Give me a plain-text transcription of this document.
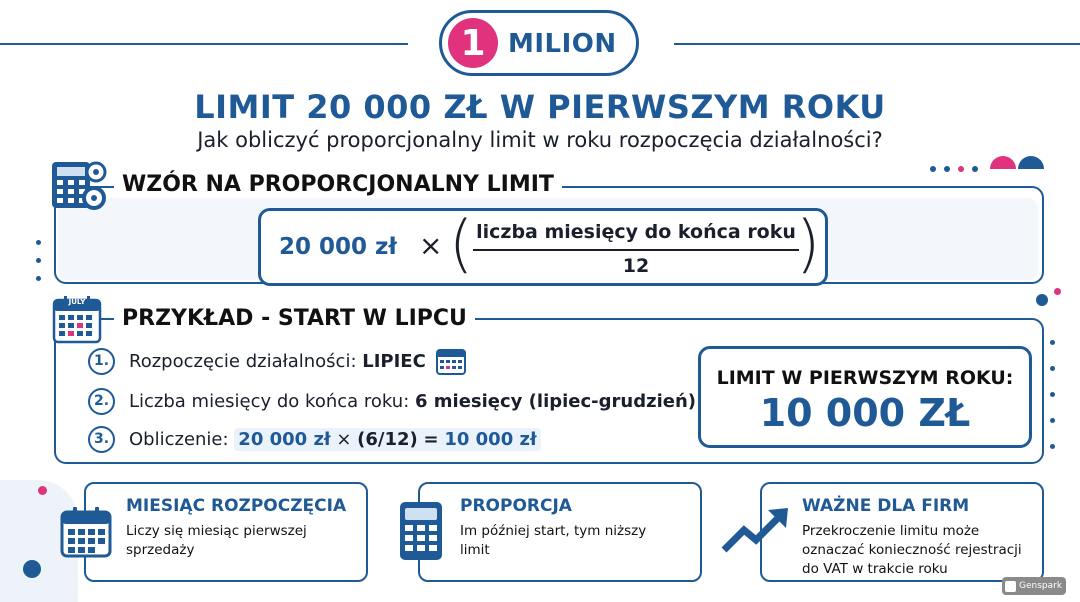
1 MILION
LIMIT 20 000 ZŁ W PIERWSZYM ROKU
Jak obliczyć proporcjonalny limit w roku rozpoczęcia działalności?
WZÓR NA PROPORCJONALNY LIMIT
20 000 zł × ( liczba miesięcy do końca roku
12	)
JULY
PRZYKŁAD - START W LIPCU
1.	Rozpoczęcie działalności: LIPIEC
2.	Liczba miesięcy do końca roku: 6 miesięcy (lipiec-grudzień)
3.	Obliczenie: 20 000 zł × (6/12) = 10 000 zł
LIMIT W PIERWSZYM ROKU:
10 000 ZŁ
MIESIĄC ROZPOCZĘCIA
Liczy się miesiąc pierwszej sprzedaży
PROPORCJA
Im później start, tym niższy limit
WAŻNE DLA FIRM
Przekroczenie limitu może oznaczać konieczność rejestracji do VAT w trakcie roku
Genspark
